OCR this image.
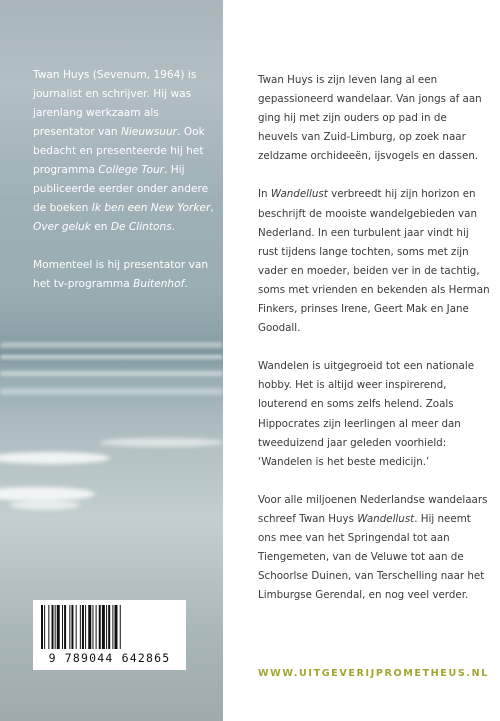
Twan Huys (Sevenum, 1964) is journalist en schrijver. Hij was jarenlang werkzaam als presentator van Nieuwsuur. Ook bedacht en presenteerde hij het programma College Tour. Hij publiceerde eerder onder andere de boeken Ik ben een New Yorker, Over geluk en De Clintons.

Momenteel is hij presentator van het tv-programma Buitenhof.

9 789044 642865

Twan Huys is zijn leven lang al een gepassioneerd wandelaar. Van jongs af aan ging hij met zijn ouders op pad in de heuvels van Zuid-Limburg, op zoek naar zeldzame orchideeën, ijsvogels en dassen.

In Wandellust verbreedt hij zijn horizon en beschrijft de mooiste wandelgebieden van Nederland. In een turbulent jaar vindt hij rust tijdens lange tochten, soms met zijn vader en moeder, beiden ver in de tachtig, soms met vrienden en bekenden als Herman Finkers, prinses Irene, Geert Mak en Jane Goodall.

Wandelen is uitgegroeid tot een nationale hobby. Het is altijd weer inspirerend, louterend en soms zelfs helend. Zoals Hippocrates zijn leerlingen al meer dan tweeduizend jaar geleden voorhield: ‘Wandelen is het beste medicijn.’

Voor alle miljoenen Nederlandse wandelaars schreef Twan Huys Wandellust. Hij neemt ons mee van het Springendal tot aan Tiengemeten, van de Veluwe tot aan de Schoorlse Duinen, van Terschelling naar het Limburgse Gerendal, en nog veel verder.

WWW.UITGEVERIJPROMETHEUS.NL
